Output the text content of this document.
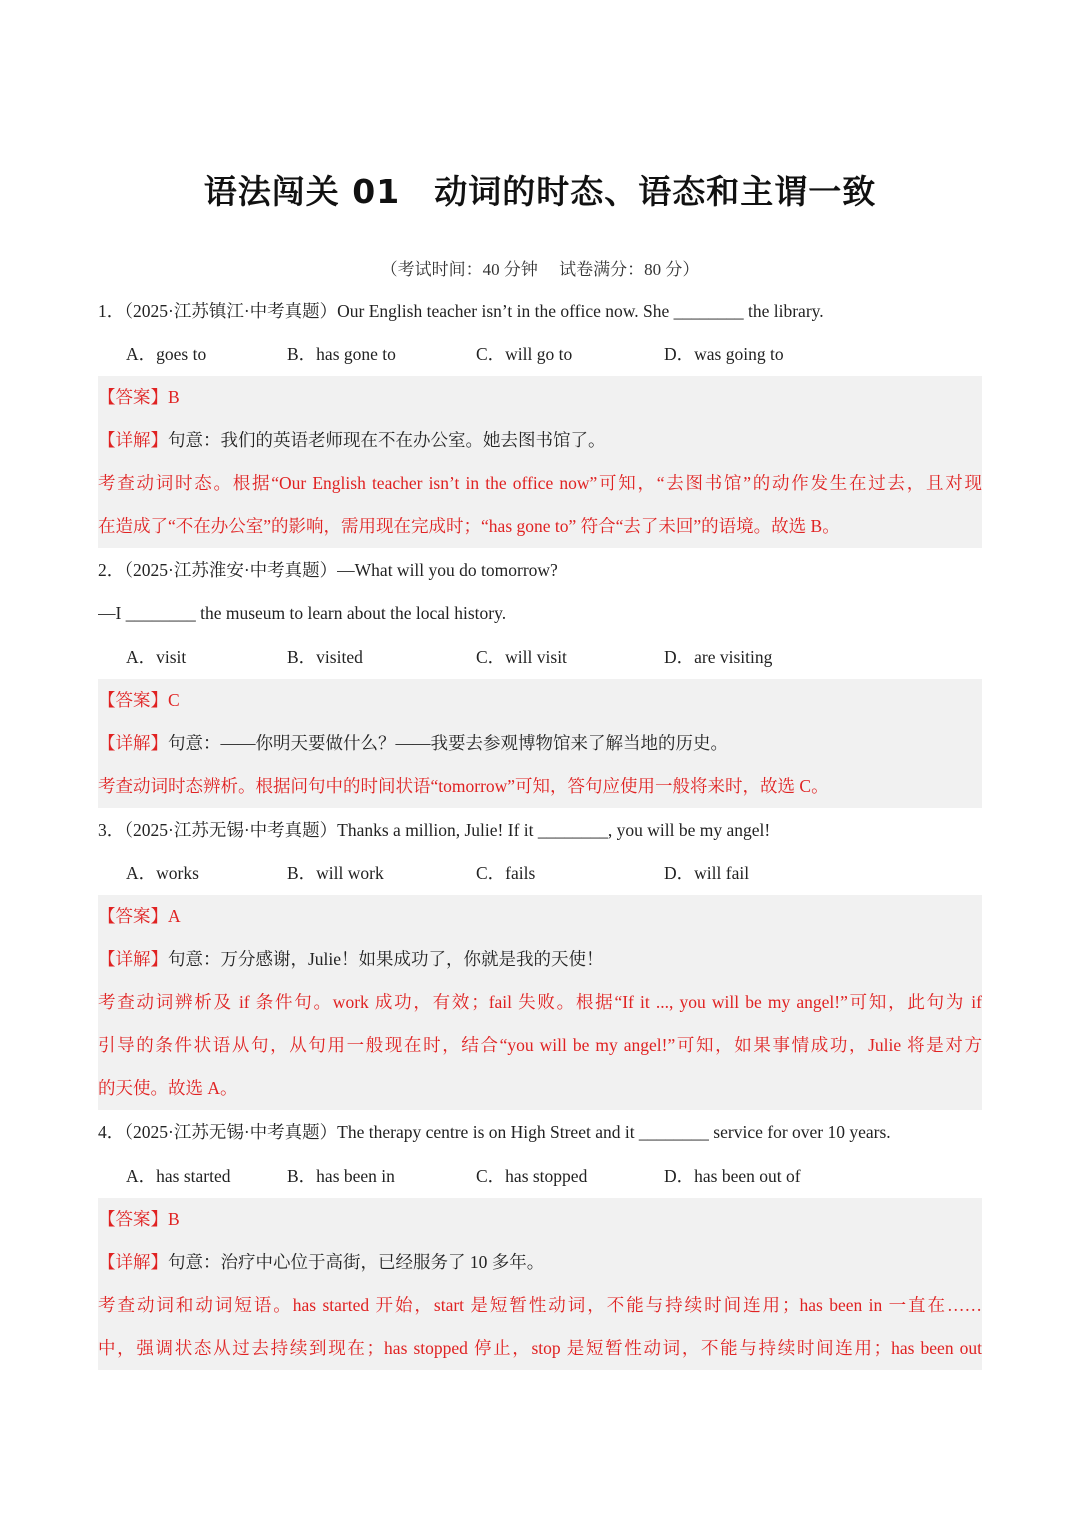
语法闯关 01　动词的时态、语态和主谓一致
（考试时间：40 分钟　 试卷满分：80 分）
1．（2025·江苏镇江·中考真题）Our English teacher isn’t in the office now. She ________ the library.
A．goes to	B．has gone to	C．will go to	D．was going to
【答案】B
【详解】句意：我们的英语老师现在不在办公室。她去图书馆了。
考查动词时态。根据“Our English teacher isn’t in the office now”可知，“去图书馆”的动作发生在过去，且对现
在造成了“不在办公室”的影响，需用现在完成时；“has gone to” 符合“去了未回”的语境。故选 B。
2．（2025·江苏淮安·中考真题）—What will you do tomorrow?
—I ________ the museum to learn about the local history.
A．visit	B．visited	C．will visit	D．are visiting
【答案】C
【详解】句意：——你明天要做什么？——我要去参观博物馆来了解当地的历史。
考查动词时态辨析。根据问句中的时间状语“tomorrow”可知，答句应使用一般将来时，故选 C。
3．（2025·江苏无锡·中考真题）Thanks a million, Julie! If it ________, you will be my angel!
A．works	B．will work	C．fails	D．will fail
【答案】A
【详解】句意：万分感谢，Julie！如果成功了，你就是我的天使！
考查动词辨析及 if 条件句。work 成功，有效；fail 失败。根据“If it ..., you will be my angel!”可知，此句为 if
引导的条件状语从句，从句用一般现在时，结合“you will be my angel!”可知，如果事情成功，Julie 将是对方
的天使。故选 A。
4．（2025·江苏无锡·中考真题）The therapy centre is on High Street and it ________ service for over 10 years.
A．has started	B．has been in	C．has stopped	D．has been out of
【答案】B
【详解】句意：治疗中心位于高街，已经服务了 10 多年。
考查动词和动词短语。has started 开始，start 是短暂性动词，不能与持续时间连用；has been in 一直在……
中，强调状态从过去持续到现在；has stopped 停止，stop 是短暂性动词，不能与持续时间连用；has been out
